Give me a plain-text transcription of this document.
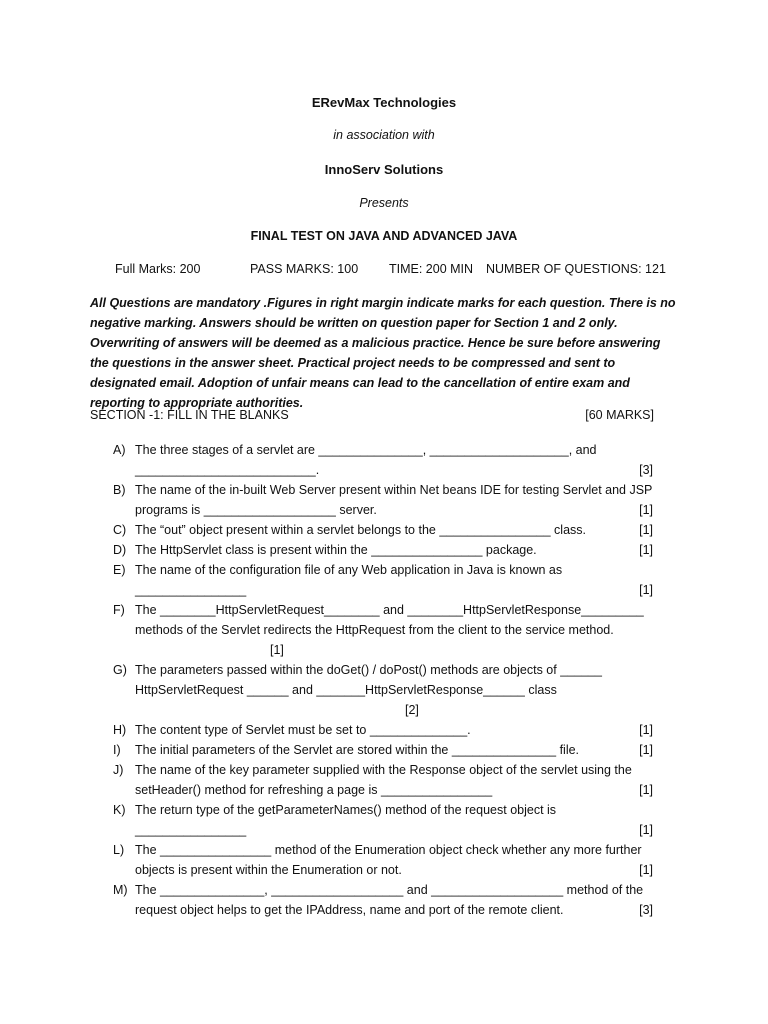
ERevMax Technologies
in association with
InnoServ Solutions
Presents
FINAL TEST ON JAVA AND ADVANCED JAVA
Full Marks: 200	PASS MARKS: 100 TIME: 200 MIN NUMBER OF QUESTIONS: 121
All Questions are mandatory .Figures in right margin indicate marks for each question. There is no negative marking. Answers should be written on question paper for Section 1 and 2 only. Overwriting of answers will be deemed as a malicious practice. Hence be sure before answering the questions in the answer sheet. Practical project needs to be compressed and sent to designated email. Adoption of unfair means can lead to the cancellation of entire exam and reporting to appropriate authorities.
SECTION -1: FILL IN THE BLANKS	[60 MARKS]
A) The three stages of a servlet are _______________, ____________________, and
__________________________.	[3]
B) The name of the in-built Web Server present within Net beans IDE for testing Servlet and JSP
programs is ___________________ server.	[1]
C) The “out” object present within a servlet belongs to the ________________ class.	[1]
D) The HttpServlet class is present within the ________________ package.	[1]
E) The name of the configuration file of any Web application in Java is known as
________________	[1]
F) The ________HttpServletRequest________ and ________HttpServletResponse_________
methods of the Servlet redirects the HttpRequest from the client to the service method.
[1]

G) The parameters passed within the doGet() / doPost() methods are objects of ______
HttpServletRequest ______ and _______HttpServletResponse______ class
[2]

H) The content type of Servlet must be set to ______________.	[1]
I) The initial parameters of the Servlet are stored within the _______________ file.	[1]
J) The name of the key parameter supplied with the Response object of the servlet using the
setHeader() method for refreshing a page is ________________	[1]
K) The return type of the getParameterNames() method of the request object is
________________	[1]
L) The ________________ method of the Enumeration object check whether any more further
objects is present within the Enumeration or not.	[1]
M) The _______________, ___________________ and ___________________ method of the
request object helps to get the IPAddress, name and port of the remote client.	[3]
